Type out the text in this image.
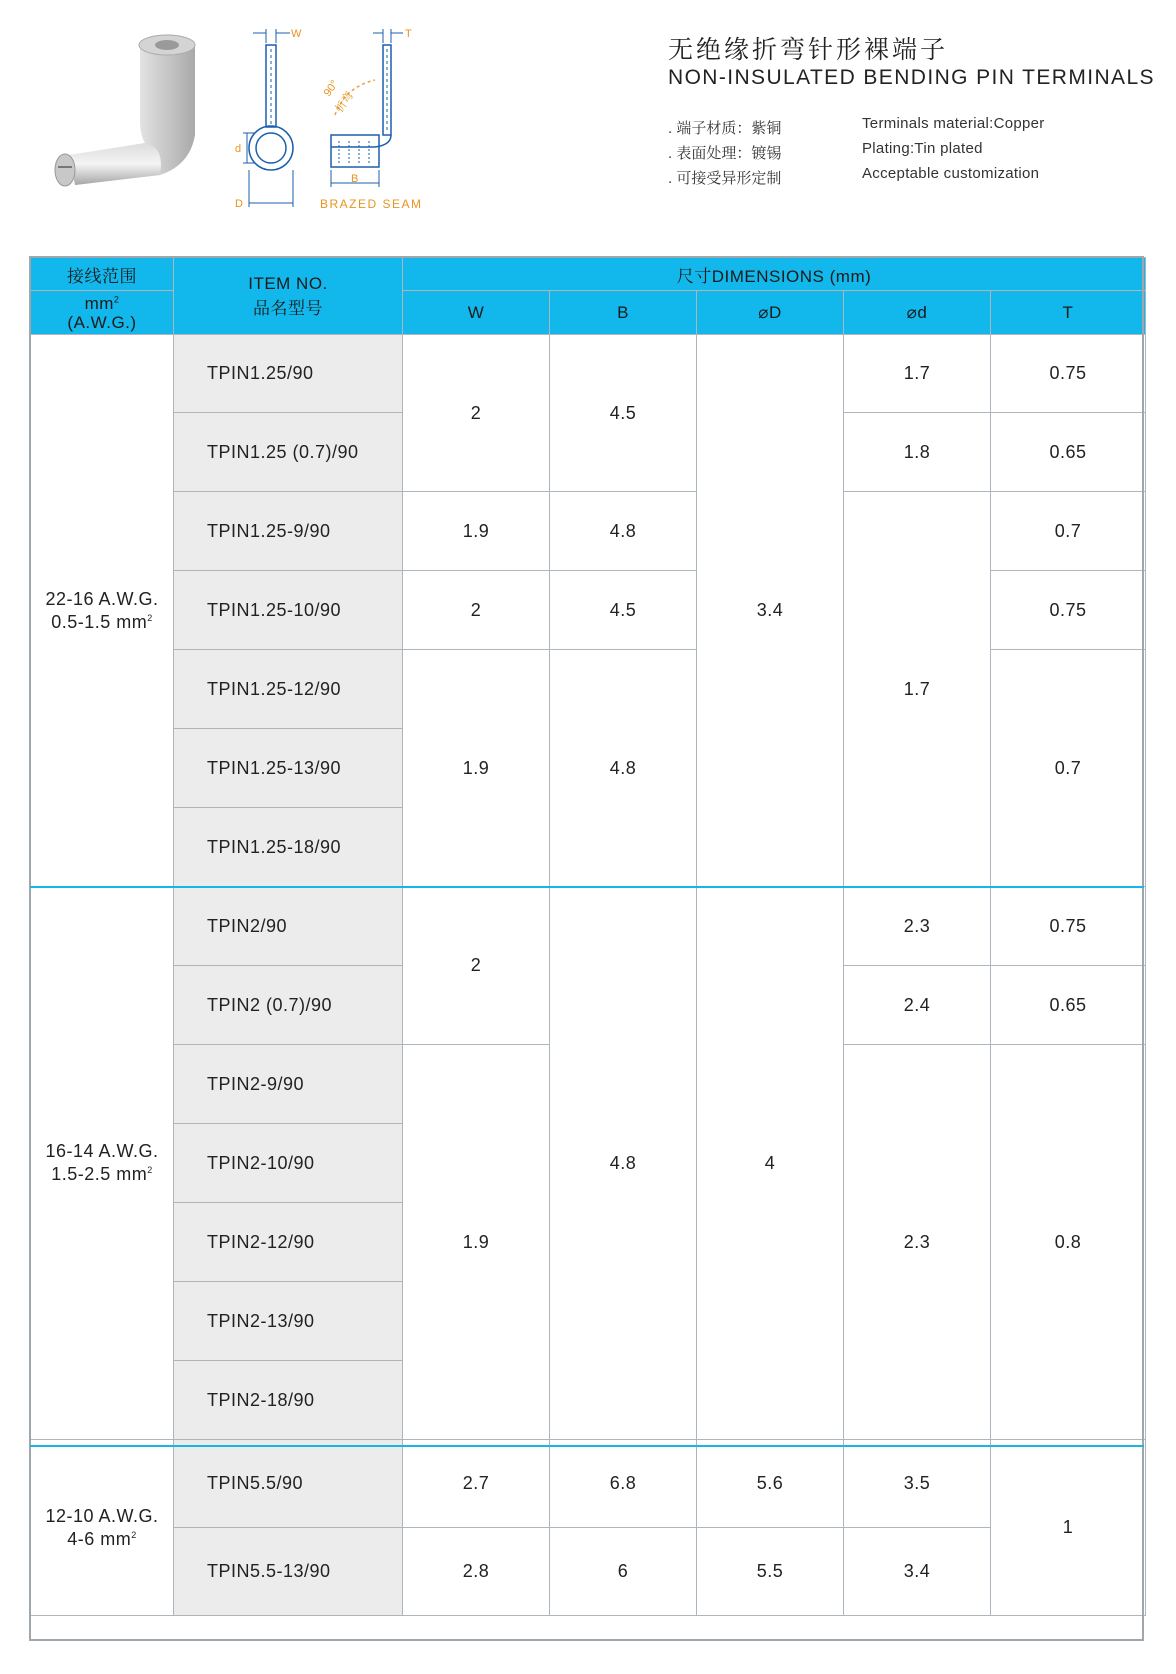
W	T
d
D
B
90°
折弯
BRAZED SEAM
无绝缘折弯针形裸端子
NON-INSULATED BENDING PIN TERMINALS
. 端子材质：紫铜
. 表面处理：镀锡
. 可接受异形定制
Terminals material:Copper
Plating:Tin plated
Acceptable customization
接线范围	ITEM NO.
品名型号	尺寸DIMENSIONS (mm)				

$mm^2$
(A.W.G.)		W	B	⌀D	⌀d	T

22-16 A.W.G.
0.5-1.5 $mm^2$	TPIN1.25/90	2	4.5	3.4	1.7	0.75
	TPIN1.25 (0.7)/90				1.8	0.65
	TPIN1.25-9/90	1.9	4.8		1.7	0.7
	TPIN1.25-10/90	2	4.5			0.75
	TPIN1.25-12/90	1.9	4.8			0.7
	TPIN1.25-13/90					
	TPIN1.25-18/90					

16-14 A.W.G.
1.5-2.5 $mm^2$	TPIN2/90	2	4.8	4	2.3	0.75
	TPIN2 (0.7)/90				2.4	0.65
	TPIN2-9/90	1.9			2.3	0.8
	TPIN2-10/90					
	TPIN2-12/90					
	TPIN2-13/90					
	TPIN2-18/90					

12-10 A.W.G.
4-6 $mm^2$	TPIN5.5/90	2.7	6.8	5.6	3.5	1
	TPIN5.5-13/90	2.8	6	5.5	3.4	
